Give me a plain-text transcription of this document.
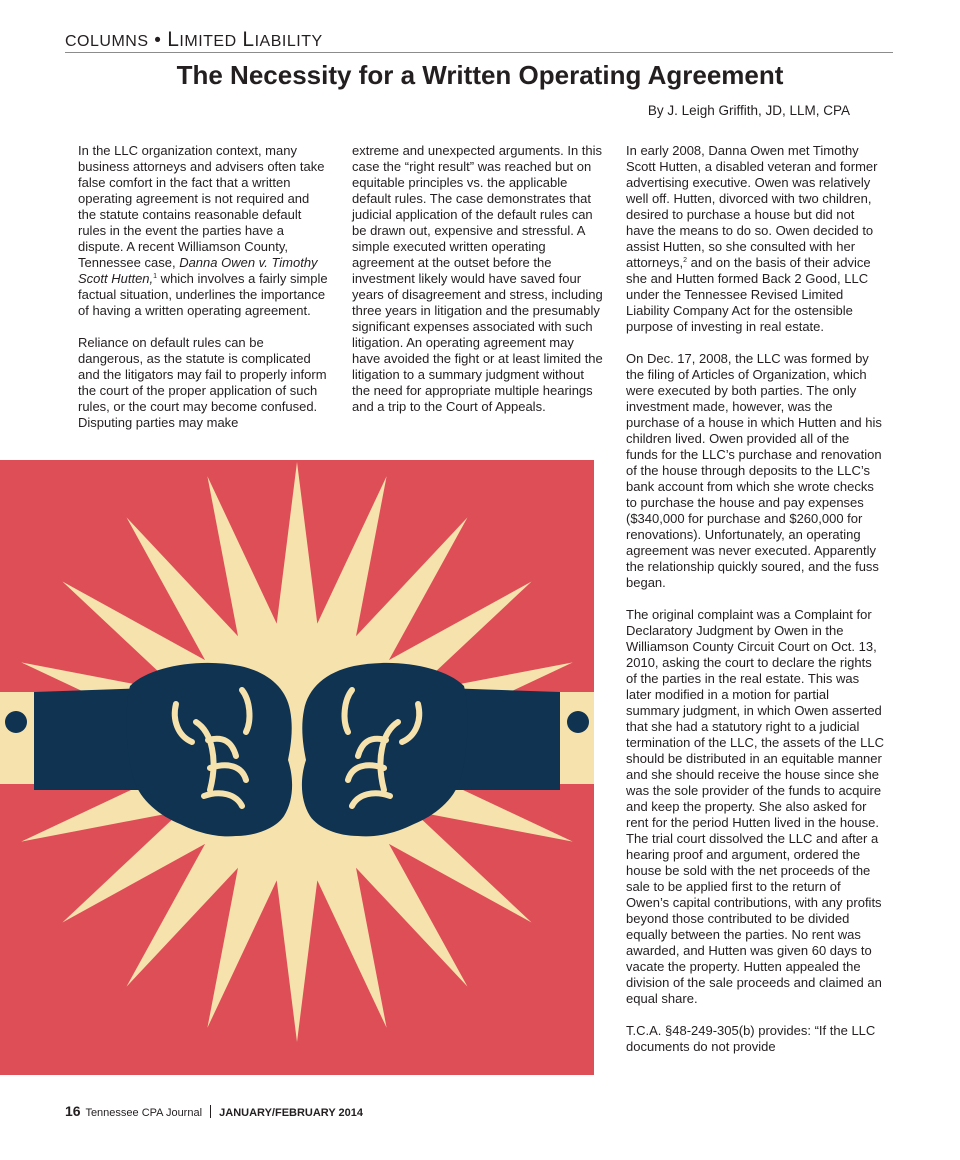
COLUMNS • LIMITED LIABILITY
The Necessity for a Written Operating Agreement
By J. Leigh Griffith, JD, LLM, CPA

In the LLC organization context, many business attorneys and advisers often take false comfort in the fact that a written operating agreement is not required and the statute contains reasonable default rules in the event the parties have a dispute. A recent Williamson County, Tennessee case, Danna Owen v. Timothy Scott Hutten,$^1$ which involves a fairly simple factual situation, underlines the importance of having a written operating agreement.

Reliance on default rules can be dangerous, as the statute is complicated and the litigators may fail to properly inform the court of the proper application of such rules, or the court may become confused. Disputing parties may make

extreme and unexpected arguments. In this case the “right result” was reached but on equitable principles vs. the applicable default rules. The case demonstrates that judicial application of the default rules can be drawn out, expensive and stressful. A simple executed written operating agreement at the outset before the investment likely would have saved four years of disagreement and stress, including three years in litigation and the presumably significant expenses associated with such litigation. An operating agreement may have avoided the fight or at least limited the litigation to a summary judgment without the need for appropriate multiple hearings and a trip to the Court of Appeals.

In early 2008, Danna Owen met Timothy Scott Hutten, a disabled veteran and former advertising executive. Owen was relatively well off. Hutten, divorced with two children, desired to purchase a house but did not have the means to do so. Owen decided to assist Hutten, so she consulted with her attorneys,$^2$ and on the basis of their advice she and Hutten formed Back 2 Good, LLC under the Tennessee Revised Limited Liability Company Act for the ostensible purpose of investing in real estate.

On Dec. 17, 2008, the LLC was formed by the filing of Articles of Organization, which were executed by both parties. The only investment made, however, was the purchase of a house in which Hutten and his children lived. Owen provided all of the funds for the LLC’s purchase and renovation of the house through deposits to the LLC’s bank account from which she wrote checks to purchase the house and pay expenses ($340,000 for purchase and $260,000 for renovations). Unfortunately, an operating agreement was never executed. Apparently the relationship quickly soured, and the fuss began.

The original complaint was a Complaint for Declaratory Judgment by Owen in the Williamson County Circuit Court on Oct. 13, 2010, asking the court to declare the rights of the parties in the real estate. This was later modified in a motion for partial summary judgment, in which Owen asserted that she had a statutory right to a judicial termination of the LLC, the assets of the LLC should be distributed in an equitable manner and she should receive the house since she was the sole provider of the funds to acquire and keep the property. She also asked for rent for the period Hutten lived in the house. The trial court dissolved the LLC and after a hearing proof and argument, ordered the house be sold with the net proceeds of the sale to be applied first to the return of Owen’s capital contributions, with any profits beyond those contributed to be divided equally between the parties. No rent was awarded, and Hutten was given 60 days to vacate the property. Hutten appealed the division of the sale proceeds and claimed an equal share.

T.C.A. §48-249-305(b) provides: “If the LLC documents do not provide

16 Tennessee CPA Journal JANUARY/FEBRUARY 2014
